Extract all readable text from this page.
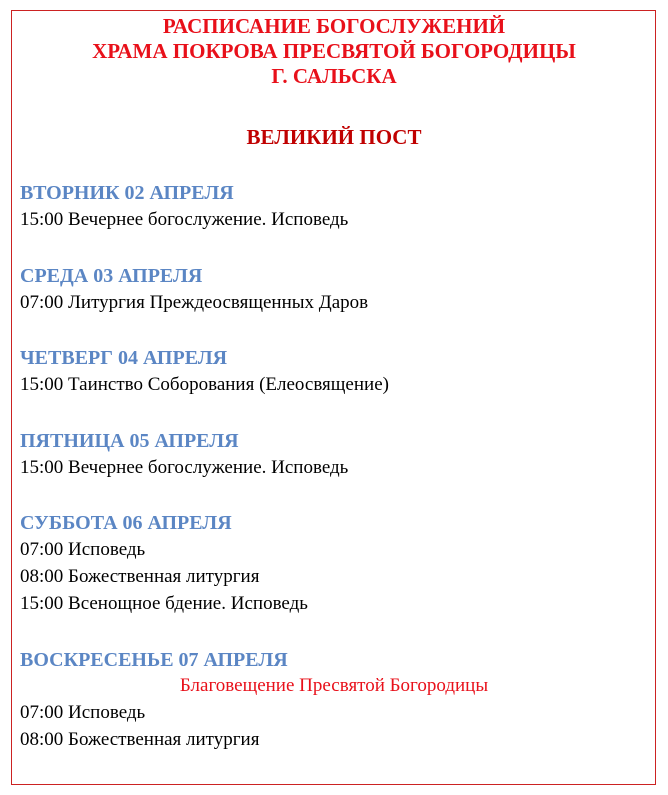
РАСПИСАНИЕ БОГОСЛУЖЕНИЙ
ХРАМА ПОКРОВА ПРЕСВЯТОЙ БОГОРОДИЦЫ
Г. САЛЬСКА
ВЕЛИКИЙ ПОСТ
ВТОРНИК 02 АПРЕЛЯ
15:00 Вечернее богослужение. Исповедь
СРЕДА 03 АПРЕЛЯ
07:00 Литургия Преждеосвященных Даров
ЧЕТВЕРГ 04 АПРЕЛЯ
15:00 Таинство Соборования (Елеосвящение)
ПЯТНИЦА 05 АПРЕЛЯ
15:00 Вечернее богослужение. Исповедь
СУББОТА 06 АПРЕЛЯ
07:00 Исповедь
08:00 Божественная литургия
15:00 Всенощное бдение. Исповедь
ВОСКРЕСЕНЬЕ 07 АПРЕЛЯ
Благовещение Пресвятой Богородицы
07:00 Исповедь
08:00 Божественная литургия
